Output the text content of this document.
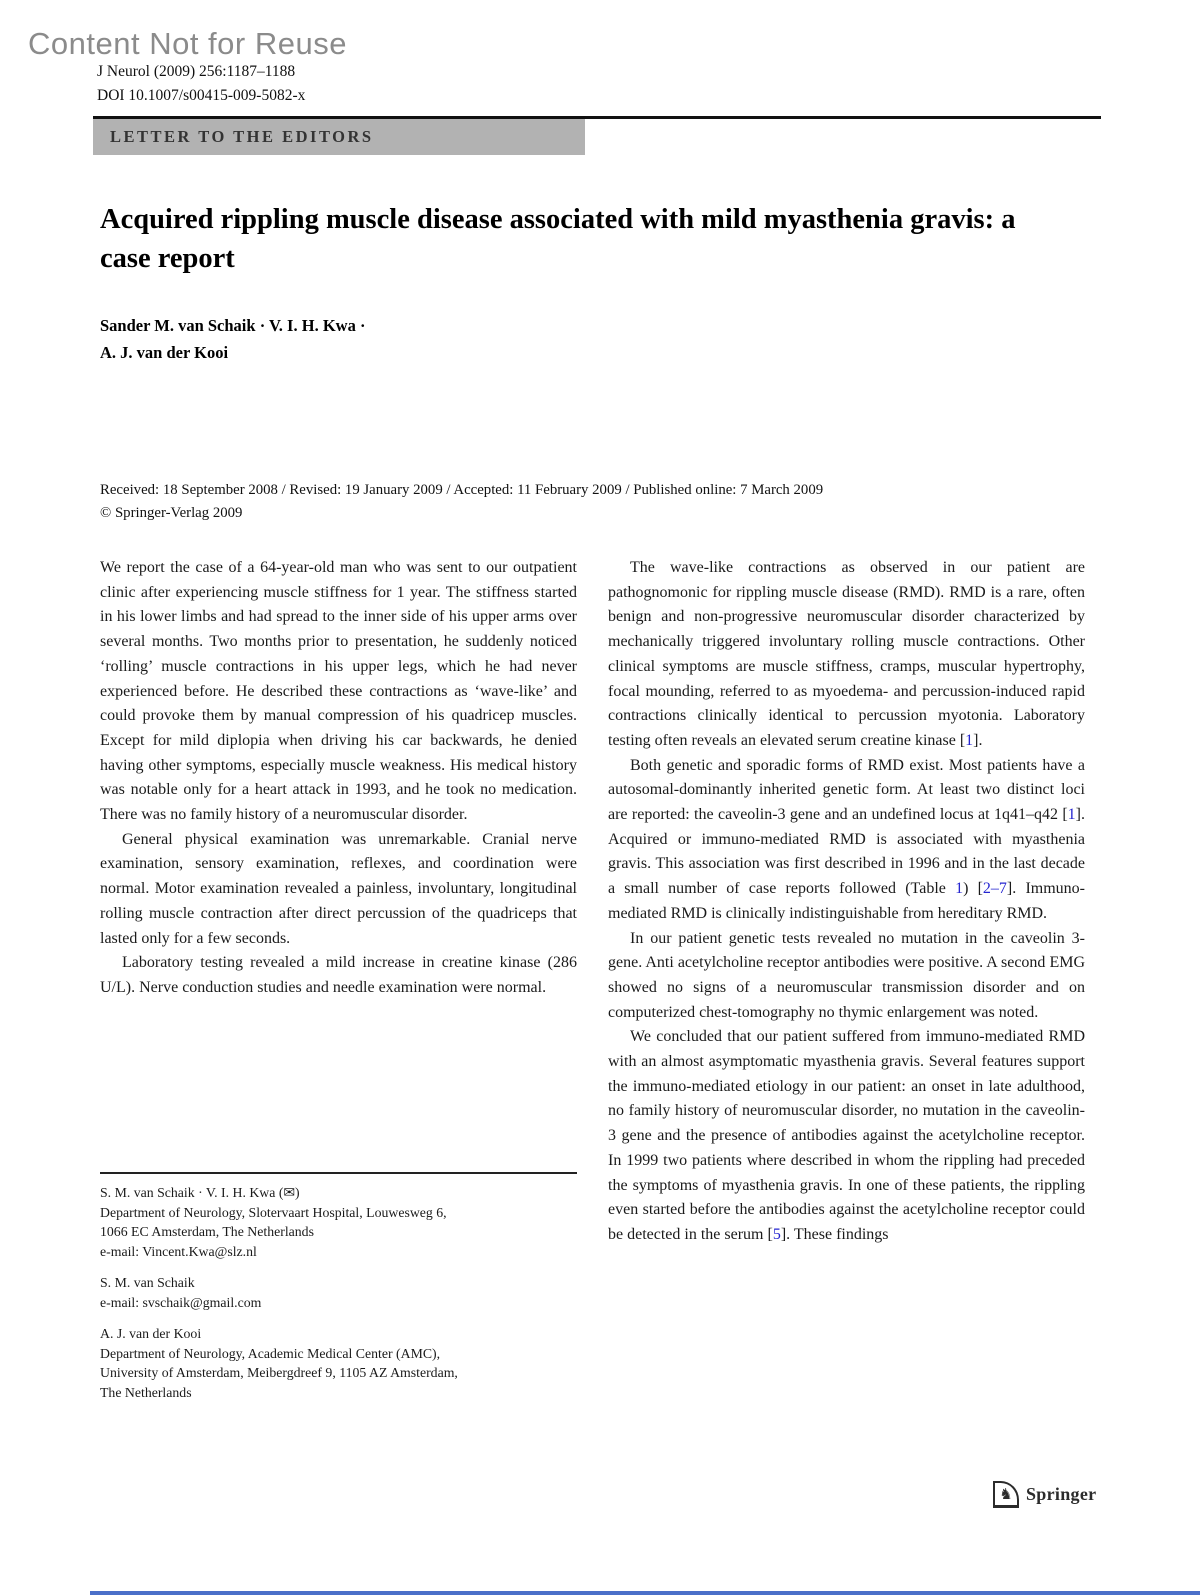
Content Not for Reuse
J Neurol (2009) 256:1187–1188
DOI 10.1007/s00415-009-5082-x
LETTER TO THE EDITORS
Acquired rippling muscle disease associated with mild myasthenia gravis: a case report
Sander M. van Schaik · V. I. H. Kwa ·
A. J. van der Kooi
Received: 18 September 2008 / Revised: 19 January 2009 / Accepted: 11 February 2009 / Published online: 7 March 2009
© Springer-Verlag 2009

We report the case of a 64-year-old man who was sent to our outpatient clinic after experiencing muscle stiffness for 1 year. The stiffness started in his lower limbs and had spread to the inner side of his upper arms over several months. Two months prior to presentation, he suddenly noticed ‘rolling’ muscle contractions in his upper legs, which he had never experienced before. He described these contractions as ‘wave-like’ and could provoke them by manual compression of his quadricep muscles. Except for mild diplopia when driving his car backwards, he denied having other symptoms, especially muscle weakness. His medical history was notable only for a heart attack in 1993, and he took no medication. There was no family history of a neuromuscular disorder.

General physical examination was unremarkable. Cranial nerve examination, sensory examination, reflexes, and coordination were normal. Motor examination revealed a painless, involuntary, longitudinal rolling muscle contraction after direct percussion of the quadriceps that lasted only for a few seconds.

Laboratory testing revealed a mild increase in creatine kinase (286 U/L). Nerve conduction studies and needle examination were normal.

S. M. van Schaik · V. I. H. Kwa (✉)
Department of Neurology, Slotervaart Hospital, Louwesweg 6,
1066 EC Amsterdam, The Netherlands
e-mail: Vincent.Kwa@slz.nl
S. M. van Schaik
e-mail: svschaik@gmail.com
A. J. van der Kooi
Department of Neurology, Academic Medical Center (AMC),
University of Amsterdam, Meibergdreef 9, 1105 AZ Amsterdam,
The Netherlands

The wave-like contractions as observed in our patient are pathognomonic for rippling muscle disease (RMD). RMD is a rare, often benign and non-progressive neuromuscular disorder characterized by mechanically triggered involuntary rolling muscle contractions. Other clinical symptoms are muscle stiffness, cramps, muscular hypertrophy, focal mounding, referred to as myoedema- and percussion-induced rapid contractions clinically identical to percussion myotonia. Laboratory testing often reveals an elevated serum creatine kinase [1].

Both genetic and sporadic forms of RMD exist. Most patients have a autosomal-dominantly inherited genetic form. At least two distinct loci are reported: the caveolin-3 gene and an undefined locus at 1q41–q42 [1]. Acquired or immuno-mediated RMD is associated with myasthenia gravis. This association was first described in 1996 and in the last decade a small number of case reports followed (Table 1) [2–7]. Immuno-mediated RMD is clinically indistinguishable from hereditary RMD.

In our patient genetic tests revealed no mutation in the caveolin 3-gene. Anti acetylcholine receptor antibodies were positive. A second EMG showed no signs of a neuromuscular transmission disorder and on computerized chest-tomography no thymic enlargement was noted.

We concluded that our patient suffered from immuno-mediated RMD with an almost asymptomatic myasthenia gravis. Several features support the immuno-mediated etiology in our patient: an onset in late adulthood, no family history of neuromuscular disorder, no mutation in the caveolin-3 gene and the presence of antibodies against the acetylcholine receptor. In 1999 two patients where described in whom the rippling had preceded the symptoms of myasthenia gravis. In one of these patients, the rippling even started before the antibodies against the acetylcholine receptor could be detected in the serum [5]. These findings

♞ Springer
